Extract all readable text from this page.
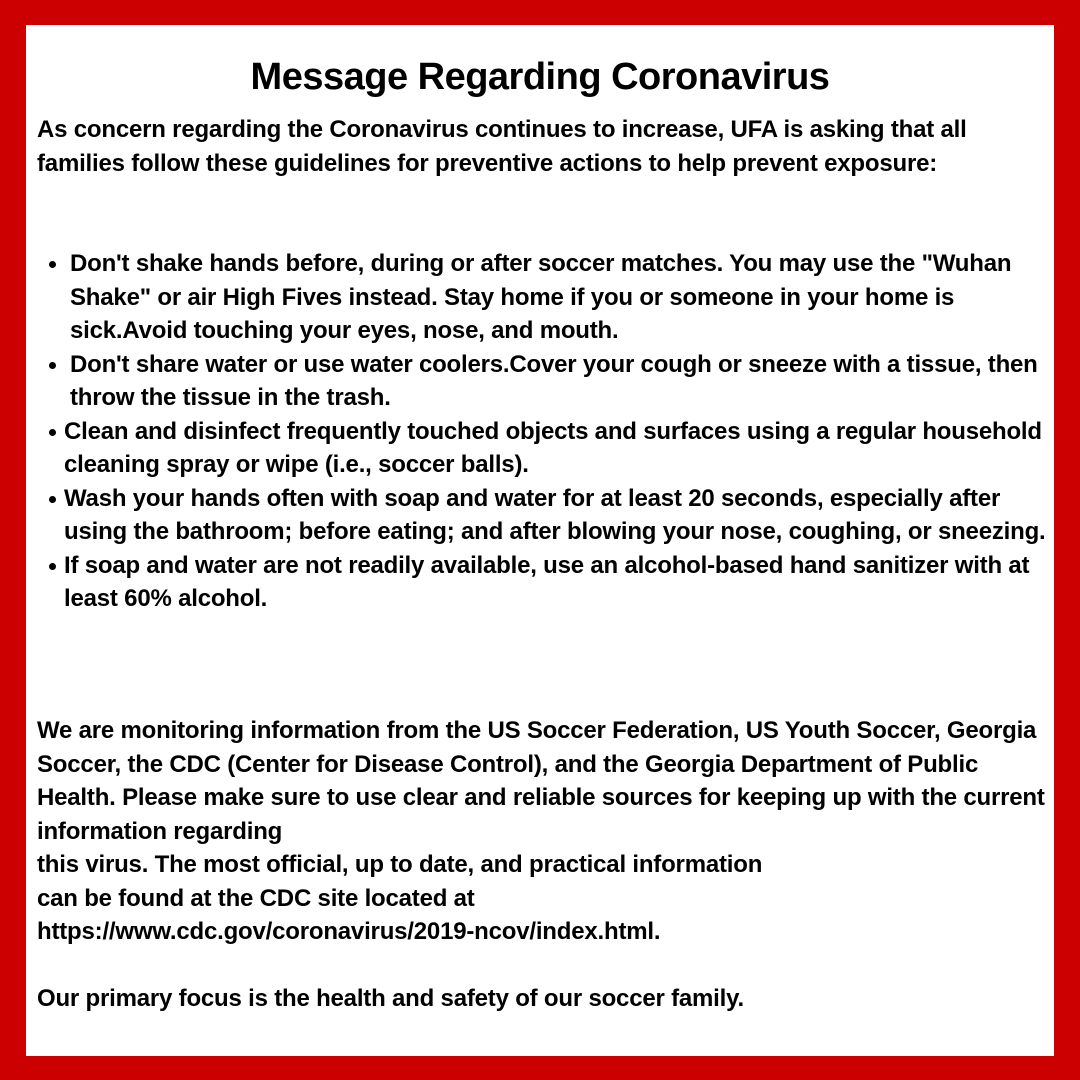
Message Regarding Coronavirus

As concern regarding the Coronavirus continues to increase, UFA is asking that all families follow these guidelines for preventive actions to help prevent exposure:

Don't shake hands before, during or after soccer matches. You may use the "Wuhan Shake" or air High Fives instead. Stay home if you or someone in your home is sick.Avoid touching your eyes, nose, and mouth.
Don't share water or use water coolers.Cover your cough or sneeze with a tissue, then throw the tissue in the trash.
Clean and disinfect frequently touched objects and surfaces using a regular household cleaning spray or wipe (i.e., soccer balls).
Wash your hands often with soap and water for at least 20 seconds, especially after using the bathroom; before eating; and after blowing your nose, coughing, or sneezing.
If soap and water are not readily available, use an alcohol-based hand sanitizer with at least 60% alcohol.

We are monitoring information from the US Soccer Federation, US Youth Soccer, Georgia Soccer, the CDC (Center for Disease Control), and the Georgia Department of Public Health. Please make sure to use clear and reliable sources for keeping up with the current information regarding
this virus. The most official, up to date, and practical information
can be found at the CDC site located at
https://www.cdc.gov/coronavirus/2019-ncov/index.html.

Our primary focus is the health and safety of our soccer family.
